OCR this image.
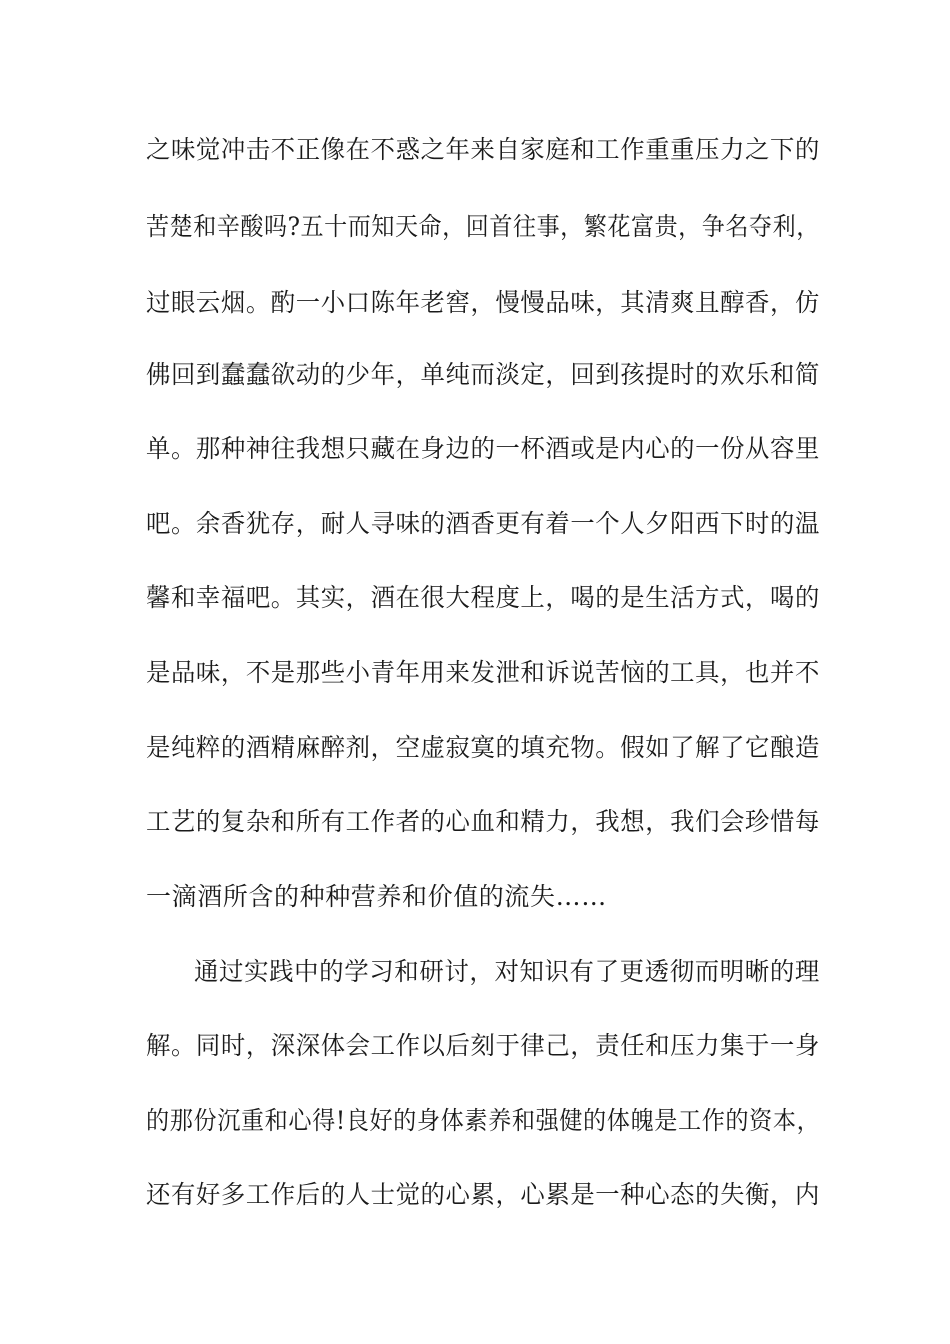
之味觉冲击不正像在不惑之年来自家庭和工作重重压力之下的
苦楚和辛酸吗?五十而知天命，回首往事，繁花富贵，争名夺利，
过眼云烟。酌一小口陈年老窖，慢慢品味，其清爽且醇香，仿
佛回到蠢蠢欲动的少年，单纯而淡定，回到孩提时的欢乐和简
单。那种神往我想只藏在身边的一杯酒或是内心的一份从容里
吧。余香犹存，耐人寻味的酒香更有着一个人夕阳西下时的温
馨和幸福吧。其实，酒在很大程度上，喝的是生活方式，喝的
是品味，不是那些小青年用来发泄和诉说苦恼的工具，也并不
是纯粹的酒精麻醉剂，空虚寂寞的填充物。假如了解了它酿造
工艺的复杂和所有工作者的心血和精力，我想，我们会珍惜每
一滴酒所含的种种营养和价值的流失……
通过实践中的学习和研讨，对知识有了更透彻而明晰的理
解。同时，深深体会工作以后刻于律己，责任和压力集于一身
的那份沉重和心得!良好的身体素养和强健的体魄是工作的资本，
还有好多工作后的人士觉的心累，心累是一种心态的失衡，内
